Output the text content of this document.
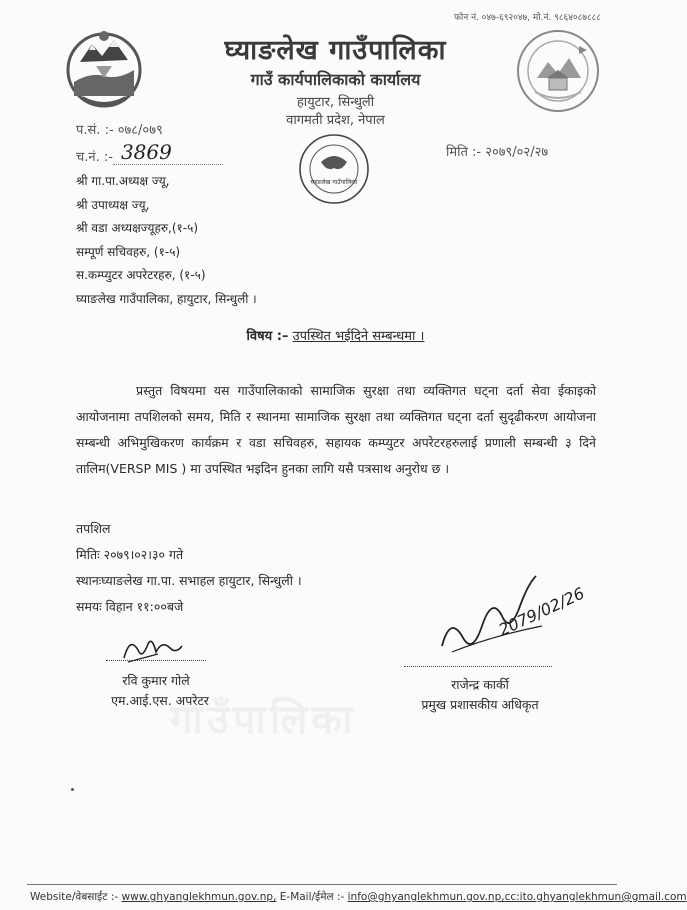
फोन नं. ०४७-६९२०४७, मो.नं. ९८६४०८७८८८
घ्याङलेख गाउँपालिका
गाउँ कार्यपालिकाको कार्यालय
हायुटार, सिन्धुली
वागमती प्रदेश, नेपाल
प.सं. :- ०७८/०७९
च.नं. :- 3869	मिति :- २०७९/०२/२७
घ्याङलेख गाउँपालिका
श्री गा.पा.अध्यक्ष ज्यू,
श्री उपाध्यक्ष ज्यू,
श्री वडा अध्यक्षज्यूहरु,(१-५)
सम्पूर्ण सचिवहरु, (१-५)
स.कम्प्युटर अपरेटरहरु, (१-५)
घ्याङलेख गाउँपालिका, हायुटार, सिन्धुली ।
विषय :– उपस्थित भईदिने सम्बन्धमा ।
प्रस्तुत विषयमा यस गाउँपालिकाको सामाजिक सुरक्षा तथा व्यक्तिगत घट्ना दर्ता सेवा ईकाइको आयोजनामा तपशिलको समय, मिति र स्थानमा सामाजिक सुरक्षा तथा व्यक्तिगत घट्ना दर्ता सुदृढीकरण आयोजना सम्बन्धी अभिमुखिकरण कार्यक्रम र वडा सचिवहरु, सहायक कम्प्युटर अपरेटरहरुलाई प्रणाली सम्बन्धी ३ दिने तालिम(VERSP MIS ) मा उपस्थित भइदिन हुनका लागि यसै पत्रसाथ अनुरोध छ ।
तपशिल
मितिः २०७९।०२।३० गते
स्थानःघ्याङलेख गा.पा. सभाहल हायुटार, सिन्धुली ।
समयः विहान ११:००बजे	2079/02/26
रवि कुमार गोले
एम.आई.एस. अपरेटर
राजेन्द्र कार्की
प्रमुख प्रशासकीय अधिकृत
Website/वेबसाईट :- www.ghyanglekhmun.gov.np, E-Mail/ईमेल :- info@ghyanglekhmun.gov.np,cc:ito.ghyanglekhmun@gmail.com
